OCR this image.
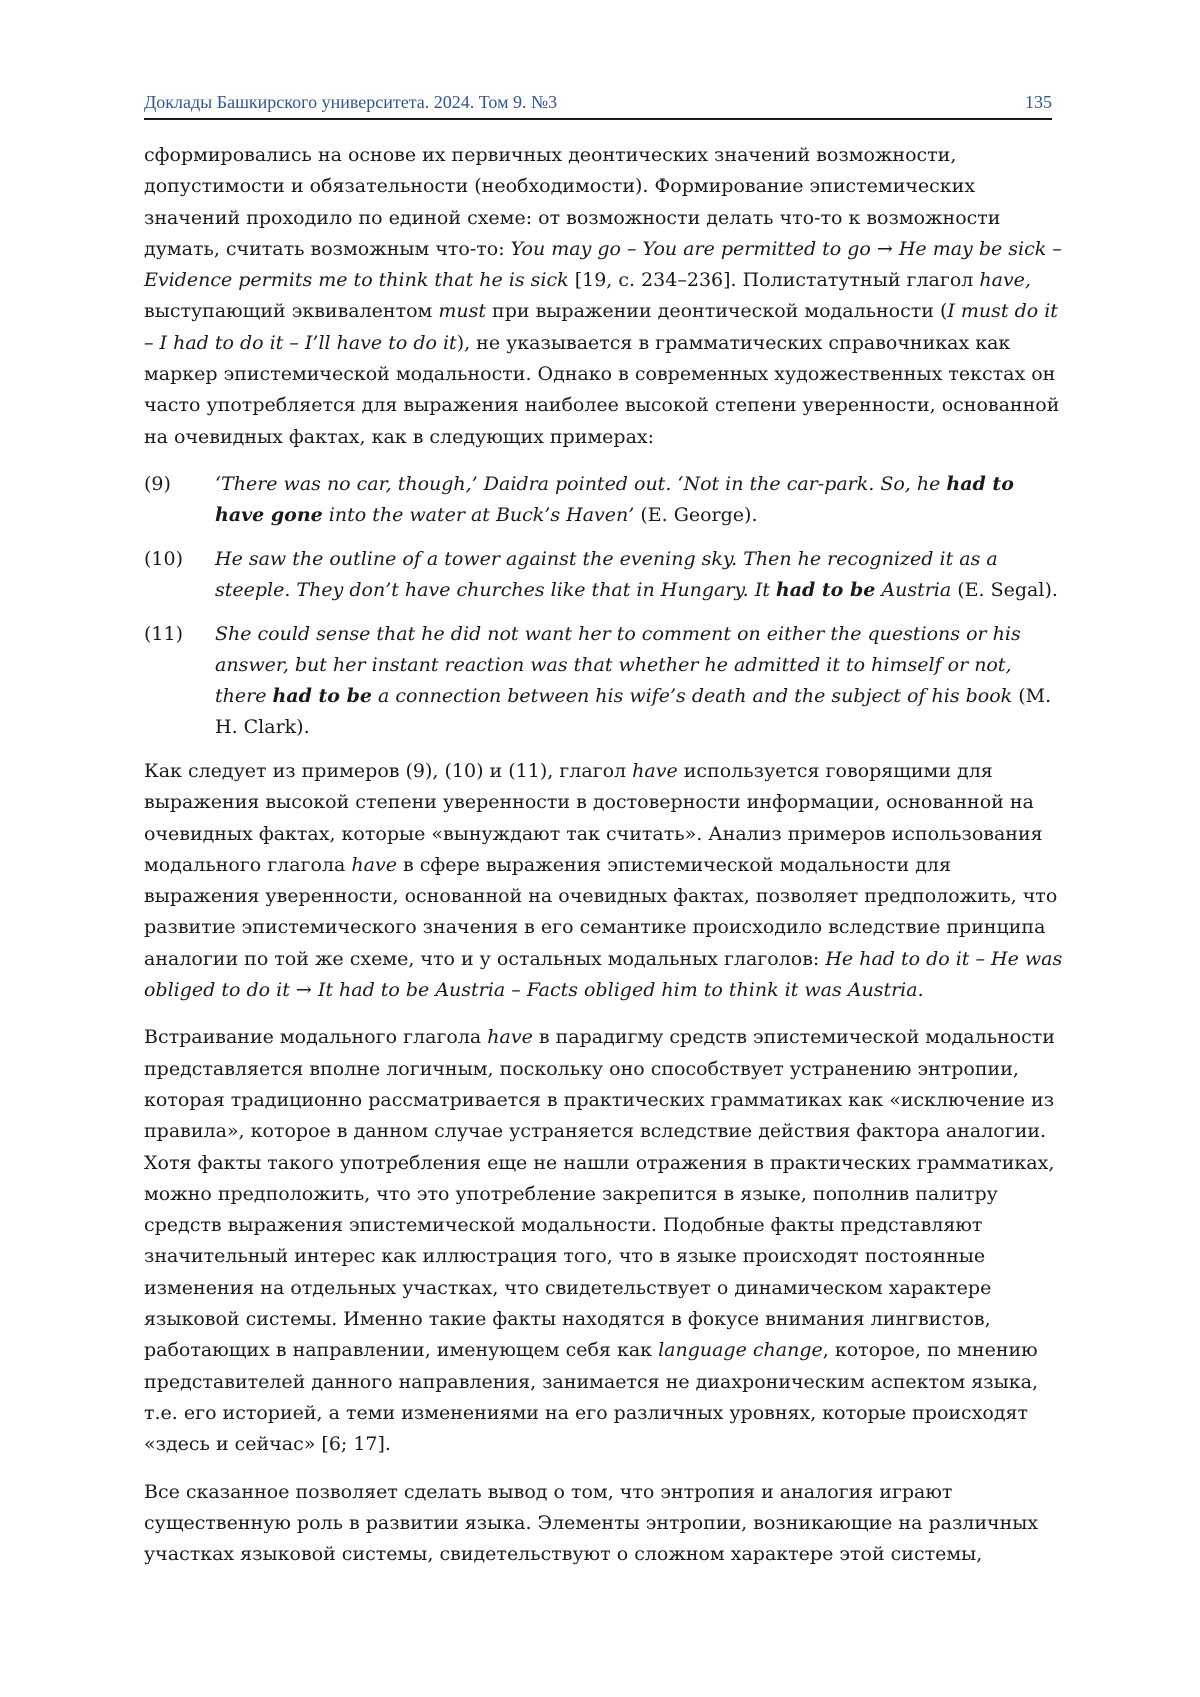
Доклады Башкирского университета. 2024. Том 9. №3	135

сформировались на основе их первичных деонтических значений возможности, допустимости и обязательности (необходимости). Формирование эпистемических значений проходило по единой схеме: от возможности делать что-то к возможности думать, считать возможным что-то: You may go – You are permitted to go → He may be sick – Evidence permits me to think that he is sick [19, с. 234–236]. Полистатутный глагол have, выступающий эквивалентом must при выражении деонтической модальности (I must do it – I had to do it – I’ll have to do it), не указывается в грамматических справочниках как маркер эпистемической модальности. Однако в современных художественных текстах он часто употребляется для выражения наиболее высокой степени уверенности, основанной на очевидных фактах, как в следующих примерах:

(9)	‘There was no car, though,’ Daidra pointed out. ‘Not in the car-park. So, he had to have gone into the water at Buck’s Haven’ (E. George).
(10)	He saw the outline of a tower against the evening sky. Then he recognized it as a steeple. They don’t have churches like that in Hungary. It had to be Austria (E. Segal).
(11)	She could sense that he did not want her to comment on either the questions or his answer, but her instant reaction was that whether he admitted it to himself or not, there had to be a connection between his wife’s death and the subject of his book (M. H. Clark).

Как следует из примеров (9), (10) и (11), глагол have используется говорящими для выражения высокой степени уверенности в достоверности информации, основанной на очевидных фактах, которые «вынуждают так считать». Анализ примеров использования модального глагола have в сфере выражения эпистемической модальности для выражения уверенности, основанной на очевидных фактах, позволяет предположить, что развитие эпистемического значения в его семантике происходило вследствие принципа аналогии по той же схеме, что и у остальных модальных глаголов: He had to do it – He was obliged to do it → It had to be Austria – Facts obliged him to think it was Austria.

Встраивание модального глагола have в парадигму средств эпистемической модальности представляется вполне логичным, поскольку оно способствует устранению энтропии, которая традиционно рассматривается в практических грамматиках как «исключение из правила», которое в данном случае устраняется вследствие действия фактора аналогии. Хотя факты такого употребления еще не нашли отражения в практических грамматиках, можно предположить, что это употребление закрепится в языке, пополнив палитру средств выражения эпистемической модальности. Подобные факты представляют значительный интерес как иллюстрация того, что в языке происходят постоянные изменения на отдельных участках, что свидетельствует о динамическом характере языковой системы. Именно такие факты находятся в фокусе внимания лингвистов, работающих в направлении, именующем себя как language change, которое, по мнению представителей данного направления, занимается не диахроническим аспектом языка, т.е. его историей, а теми изменениями на его различных уровнях, которые происходят «здесь и сейчас» [6; 17].

Все сказанное позволяет сделать вывод о том, что энтропия и аналогия играют существенную роль в развитии языка. Элементы энтропии, возникающие на различных участках языковой системы, свидетельствуют о сложном характере этой системы,
